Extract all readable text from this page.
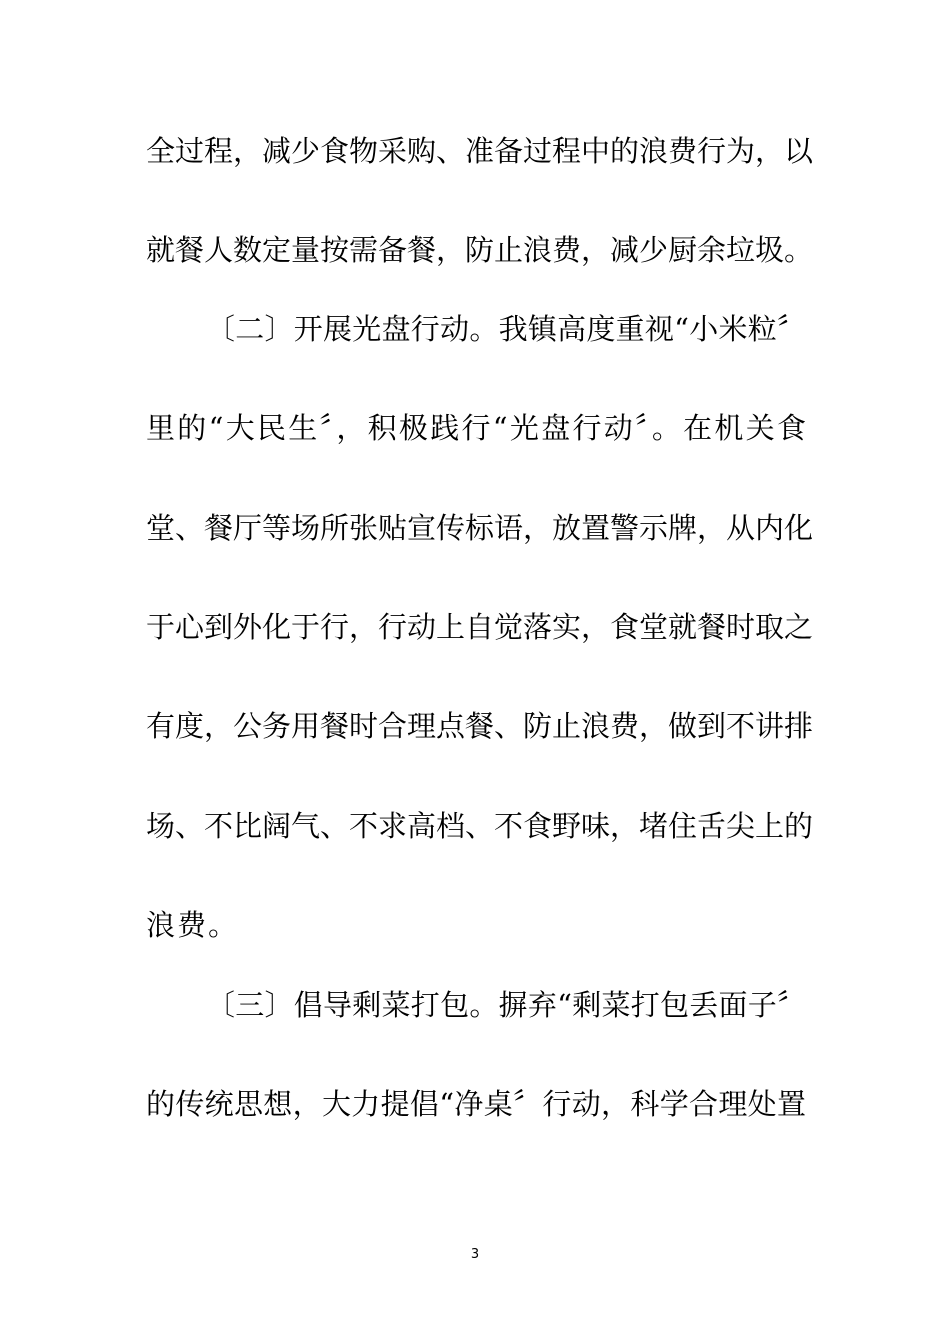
全过程，减少食物采购、准备过程中的浪费行为，以
就餐人数定量按需备餐，防止浪费，减少厨余垃圾。
〔二〕开展光盘行动。我镇高度重视“小米粒〞
里的“大民生〞，积极践行“光盘行动〞。在机关食
堂、餐厅等场所张贴宣传标语，放置警示牌，从内化
于心到外化于行，行动上自觉落实，食堂就餐时取之
有度，公务用餐时合理点餐、防止浪费，做到不讲排
场、不比阔气、不求高档、不食野味，堵住舌尖上的
浪费。
〔三〕倡导剩菜打包。摒弃“剩菜打包丢面子〞
的传统思想，大力提倡“净桌〞行动，科学合理处置
3
